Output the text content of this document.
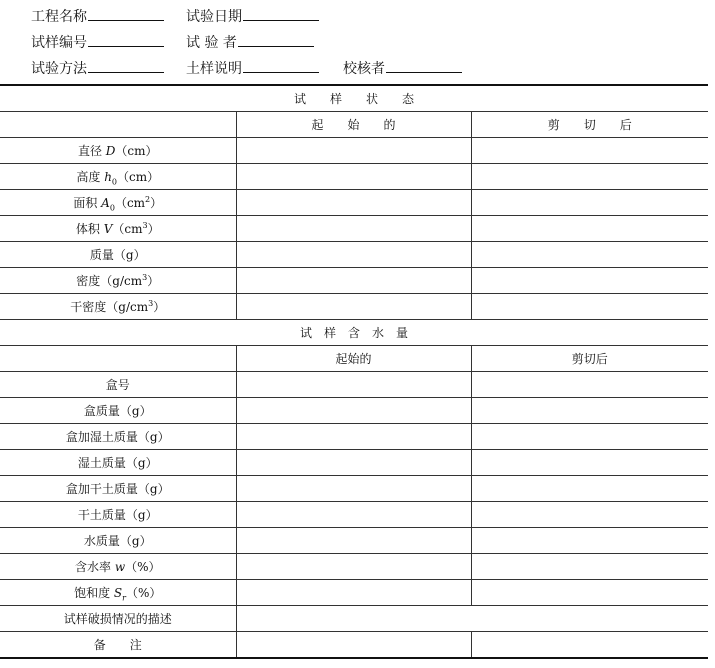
工程名称	试验日期
试样编号	试 验 者
试验方法	土样说明	校核者
试　　样　　状　　态		
	起　　始　　的	剪　　切　　后
直径 D（cm）		
高度 $h_0(cm)$		
面积 $A_0(cm^2)$		
体积 $V(cm^3)$		
质量（g）		
密度$(g/cm^3)$		
干密度$(g/cm^3)$		
试　样　含　水　量		
	起始的	剪切后
盒号		
盒质量（g）		
盒加湿土质量（g）		
湿土质量（g）		
盒加干土质量（g）		
干土质量（g）		
水质量（g）		
含水率 w（%）		
饱和度 $S_r(\%)$		
试样破损情况的描述		
备　　注		
